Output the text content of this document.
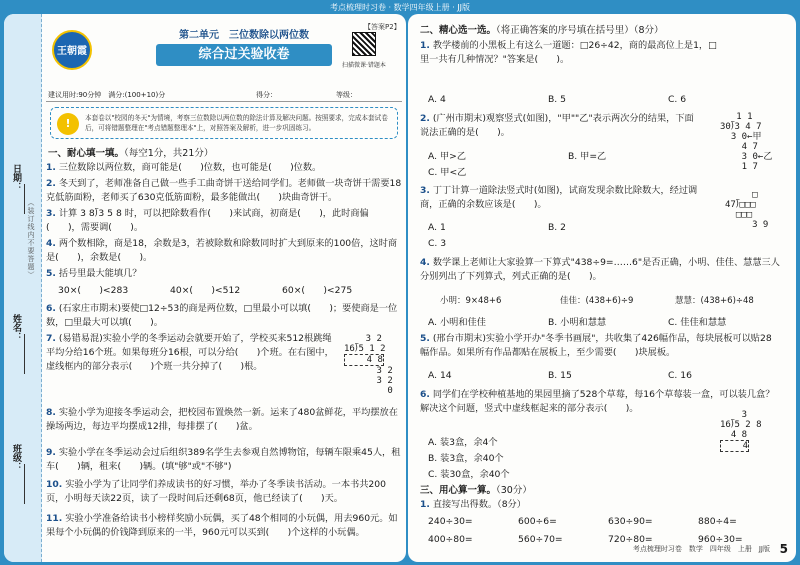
考点梳理时习卷 · 数学四年级上册 · JJ版
日期：
（装订线内不要答题）
姓名：
班级：
王朝霞
第二单元　三位数除以两位数
综合过关验收卷
【答案P2】
扫描微课·错题本
建议用时:90分钟　满分:(100+10)分	得分：	等级：
!	本套卷以"校园的冬天"为情境，考察三位数除以两位数的除法计算及解决问题。按照要求，完成本套试卷后，可将错题整理在"考点错题整理本"上，对照答案及解析，进一步巩固练习。
一、耐心填一填。（每空1分，共21分）
1. 三位数除以两位数，商可能是(　　)位数，也可能是(　　)位数。
2. 冬天到了，老师准备自己做一些手工曲奇饼干送给同学们。老师做一块奇饼干需要18克低筋面粉，老师买了630克低筋面粉，最多能做出(　　)块曲奇饼干。
3. 计算 3 8⟌3 5 8 时，可以把除数看作(　　)来试商，初商是(　　)，此时商偏(　　)，需要调(　　)。
4. 两个数相除，商是18，余数是3，若被除数和除数同时扩大到原来的100倍，这时商是(　　)，余数是(　　)。
5. 括号里最大能填几？
30×(　　)<283	40×(　　)<512	60×(　　)<275
6. (石家庄市期末)要使□12÷53的商是两位数，□里最小可以填(　　)；要使商是一位数，□里最大可以填(　　)。
7. (易错易混)实验小学的冬季运动会就要开始了，学校买来512根跳绳平均分给16个班。如果每班分16根，可以分给(　　)个班。在右图中，虚线框内的部分表示(　　)个班一共分掉了(　　)根。
3 2
16⟌5 1 2
4 8
3 2
3 2
0
8. 实验小学为迎接冬季运动会，把校园布置焕然一新。运来了480盆鲜花，平均摆放在操场两边，每边平均摆成12排，每排摆了(　　)盆。
9. 实验小学在冬季运动会过后组织389名学生去参观自然博物馆，每辆车限乘45人，租车(　　)辆，租来(　　)辆。(填"够"或"不够")
10. 实验小学为了让同学们养成读书的好习惯，举办了冬季读书活动。一本书共200页，小明每天读22页，读了一段时间后还剩68页，他已经读了(　　)天。
11. 实验小学准备给读书小榜样奖励小玩偶，买了48个相同的小玩偶，用去960元。如果每个小玩偶的价钱降到原来的一半，960元可以买到(　　)个这样的小玩偶。
二、精心选一选。（将正确答案的序号填在括号里）（8分）
1. 教学楼前的小黑板上有这么一道题：□26÷42，商的最高位上是1，□里一共有几种情况？"答案是(　　)。
A. 4	B. 5	C. 6
2. (广州市期末)观察竖式(如图)，"甲""乙"表示两次分的结果，下面说法正确的是(　　)。
A. 甲>乙	B. 甲=乙
C. 甲<乙
1 1
30⟌3 4 7
3 0←甲
4 7
3 0←乙
1 7
3. 丁丁计算一道除法竖式时(如图)，试商发现余数比除数大，经过调商，正确的余数应该是(　　)。
A. 1	B. 2
C. 3
□
47⟌□□□
□□□
3 9
4. 数学课上老师让大家验算一下算式"438÷9=……6"是否正确，小明、佳佳、慧慧三人分别列出了下列算式，列式正确的是(　　)。
小明：9×48+6	佳佳：(438+6)÷9	慧慧：(438+6)÷48
A. 小明和佳佳	B. 小明和慧慧	C. 佳佳和慧慧
5. (邢台市期末)实验小学开办"冬季书画展"，共收集了426幅作品，每块展板可以贴28幅作品。如果所有作品都贴在展板上，至少需要(　　)块展板。
A. 14	B. 15	C. 16
6. 同学们在学校种植基地的果园里摘了528个草莓，每16个草莓装一盒，可以装几盒？解决这个问题，竖式中虚线框起来的部分表示(　　)。
A. 装3盒，余4个
B. 装3盒，余40个
C. 装30盒，余40个
3
16⟌5 2 8
4 8
4
三、用心算一算。（30分）
1. 直接写出得数。（8分）
240÷30=	600÷6=	630÷90=	880÷4=
400÷80=	560÷70=	720÷80=	960÷30=
考点梳理时习卷　数学　四年级　上册　JJ版 5
